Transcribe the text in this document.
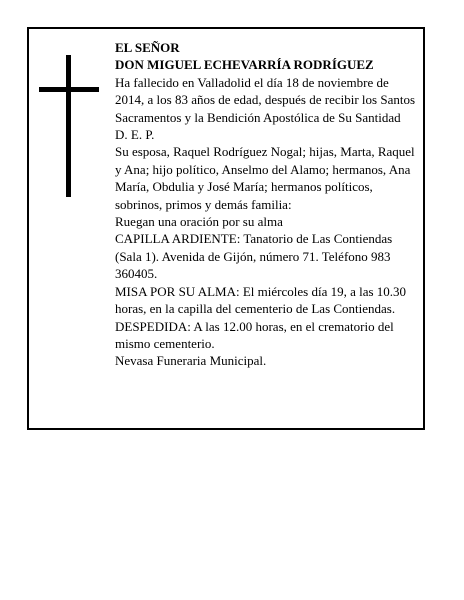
EL SEÑOR

DON MIGUEL ECHEVARRÍA RODRÍGUEZ

Ha fallecido en Valladolid el día 18 de noviembre de 2014, a los 83 años de edad, después de recibir los Santos Sacramentos y la Bendición Apostólica de Su Santidad

D. E. P.

Su esposa, Raquel Rodríguez Nogal; hijas, Marta, Raquel y Ana; hijo político, Anselmo del Alamo; hermanos, Ana María, Obdulia y José María; hermanos políticos, sobrinos, primos y demás familia:

Ruegan una oración por su alma

CAPILLA ARDIENTE: Tanatorio de Las Contiendas (Sala 1). Avenida de Gijón, número 71. Teléfono 983 360405.

MISA POR SU ALMA: El miércoles día 19, a las 10.30 horas, en la capilla del cementerio de Las Contiendas.

DESPEDIDA: A las 12.00 horas, en el crematorio del mismo cementerio.

Nevasa Funeraria Municipal.
